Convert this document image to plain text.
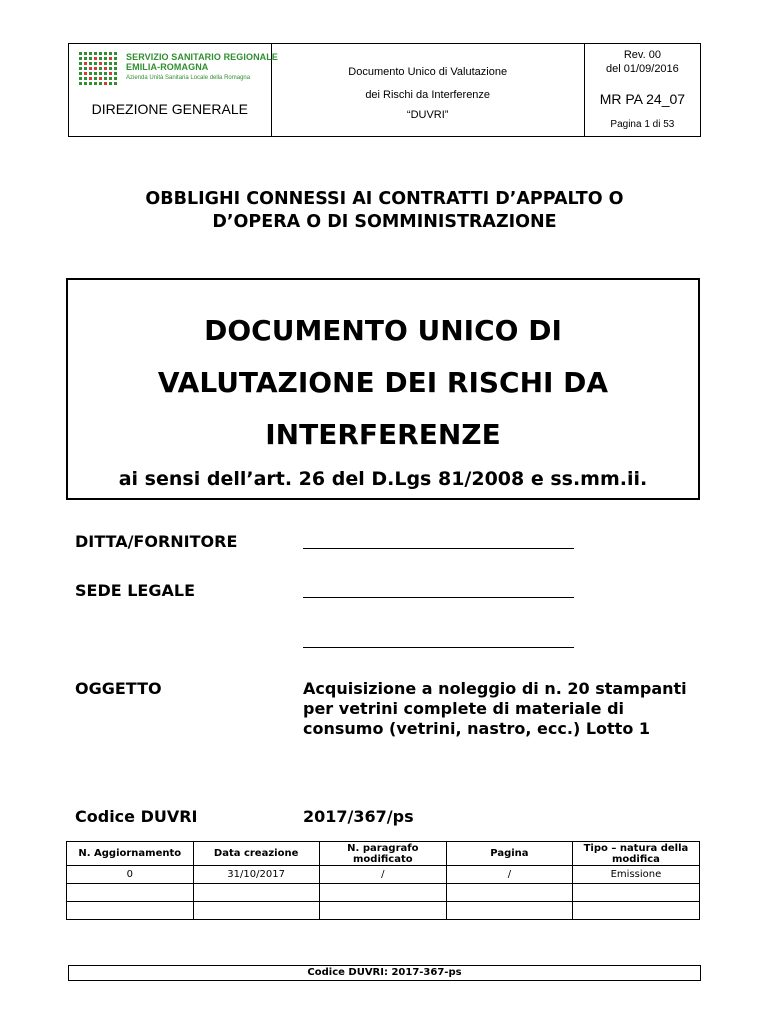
SERVIZIO SANITARIO REGIONALE
EMILIA-ROMAGNA
Azienda Unità Sanitaria Locale della Romagna
DIREZIONE GENERALE
Documento Unico di Valutazione
dei Rischi da Interferenze
“DUVRI”
Rev. 00
del 01/09/2016
MR PA 24_07
Pagina 1 di 53
OBBLIGHI CONNESSI AI CONTRATTI D’APPALTO O
D’OPERA O DI SOMMINISTRAZIONE
DOCUMENTO UNICO DI
VALUTAZIONE DEI RISCHI DA
INTERFERENZE
ai sensi dell’art. 26 del D.Lgs 81/2008 e ss.mm.ii.
DITTA/FORNITORE
SEDE LEGALE
OGGETTO	Acquisizione a noleggio di n. 20 stampanti per vetrini complete di materiale di consumo (vetrini, nastro, ecc.) Lotto 1
Codice DUVRI	2017/367/ps
N. Aggiornamento	Data creazione	N. paragrafo modificato	Pagina	Tipo – natura della modifica
0	31/10/2017	/	/	Emissione

Codice DUVRI: 2017-367-ps
